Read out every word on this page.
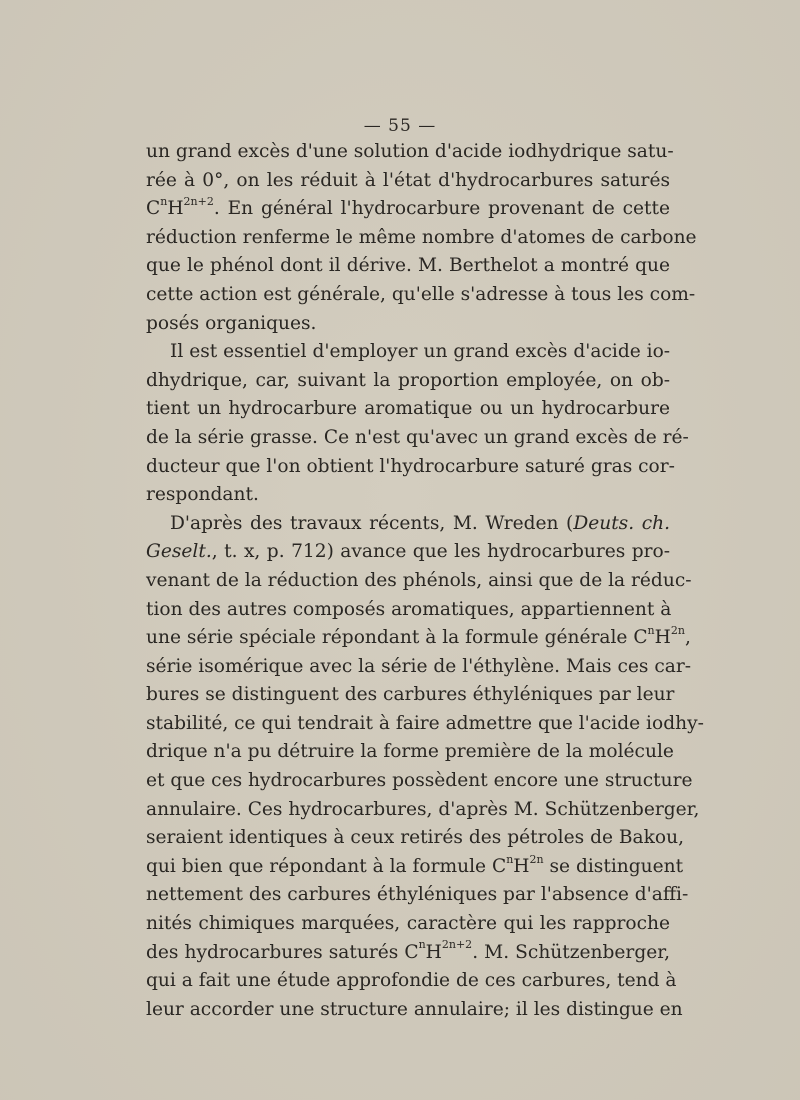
— 55 —
un grand excès d'une solution d'acide iodhydrique satu-
rée à 0°, on les réduit à l'état d'hydrocarbures saturés
$C^nH^{2n+2}$. En général l'hydrocarbure provenant de cette
réduction renferme le même nombre d'atomes de carbone
que le phénol dont il dérive. M. Berthelot a montré que
cette action est générale, qu'elle s'adresse à tous les com-
posés organiques.
Il est essentiel d'employer un grand excès d'acide io-
dhydrique, car, suivant la proportion employée, on ob-
tient un hydrocarbure aromatique ou un hydrocarbure
de la série grasse. Ce n'est qu'avec un grand excès de ré-
ducteur que l'on obtient l'hydrocarbure saturé gras cor-
respondant.
D'après des travaux récents, M. Wreden (Deuts. ch.
Geselt., t. x, p. 712) avance que les hydrocarbures pro-
venant de la réduction des phénols, ainsi que de la réduc-
tion des autres composés aromatiques, appartiennent à
une série spéciale répondant à la formule générale $C^nH^{2n}$,
série isomérique avec la série de l'éthylène. Mais ces car-
bures se distinguent des carbures éthyléniques par leur
stabilité, ce qui tendrait à faire admettre que l'acide iodhy-
drique n'a pu détruire la forme première de la molécule
et que ces hydrocarbures possèdent encore une structure
annulaire. Ces hydrocarbures, d'après M. Schützenberger,
seraient identiques à ceux retirés des pétroles de Bakou,
qui bien que répondant à la formule $C^nH^{2n}$ se distinguent
nettement des carbures éthyléniques par l'absence d'affi-
nités chimiques marquées, caractère qui les rapproche
des hydrocarbures saturés $C^nH^{2n+2}$. M. Schützenberger,
qui a fait une étude approfondie de ces carbures, tend à
leur accorder une structure annulaire; il les distingue en
